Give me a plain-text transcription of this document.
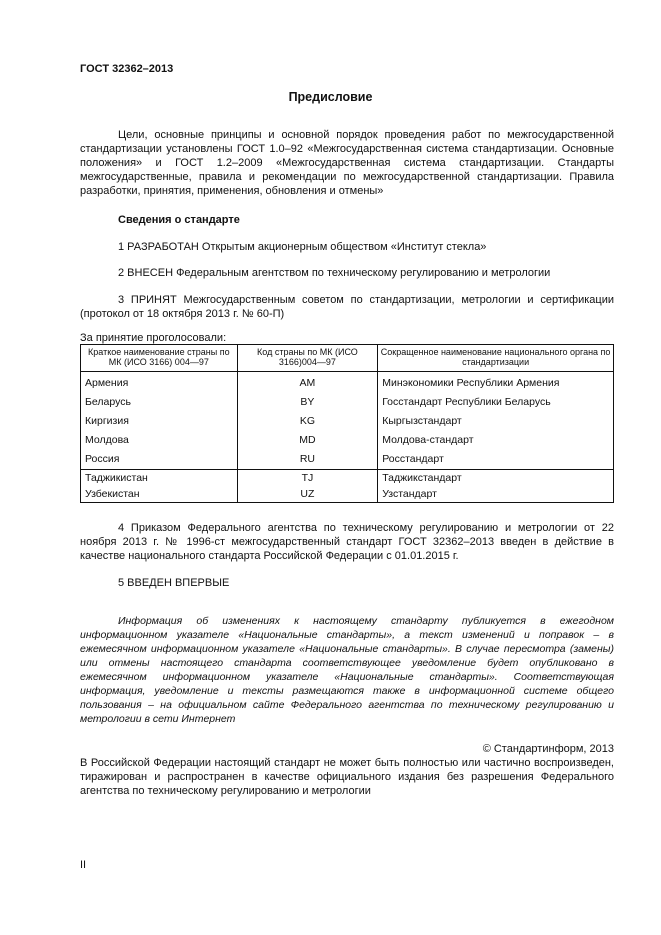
ГОСТ 32362–2013
Предисловие
Цели, основные принципы и основной порядок проведения работ по межгосударственной стандартизации установлены ГОСТ 1.0–92 «Межгосударственная система стандартизации. Основные положения» и ГОСТ 1.2–2009 «Межгосударственная система стандартизации. Стандарты межгосударственные, правила и рекомендации по межгосударственной стандартизации. Правила разработки, принятия, применения, обновления и отмены»
Сведения о стандарте
1 РАЗРАБОТАН Открытым акционерным обществом «Институт стекла»
2 ВНЕСЕН Федеральным агентством по техническому регулированию и метрологии
3 ПРИНЯТ Межгосударственным советом по стандартизации, метрологии и сертификации (протокол от 18 октября 2013 г. № 60-П)
За принятие проголосовали:
Краткое наименование страны по МК (ИСО 3166) 004—97	Код страны по МК (ИСО 3166)004—97	Сокращенное наименование национального органа по стандартизации
Армения	AM	Минэкономики Республики Армения
Беларусь	BY	Госстандарт Республики Беларусь
Киргизия	KG	Кыргызстандарт
Молдова	MD	Молдова-стандарт
Россия	RU	Росстандарт
Таджикистан	TJ	Таджикстандарт
Узбекистан	UZ	Узстандарт
4 Приказом Федерального агентства по техническому регулированию и метрологии от 22 ноября 2013 г. № 1996-ст межгосударственный стандарт ГОСТ 32362–2013 введен в действие в качестве национального стандарта Российской Федерации с 01.01.2015 г.
5 ВВЕДЕН ВПЕРВЫЕ
Информация об изменениях к настоящему стандарту публикуется в ежегодном информационном указателе «Национальные стандарты», а текст изменений и поправок – в ежемесячном информационном указателе «Национальные стандарты». В случае пересмотра (замены) или отмены настоящего стандарта соответствующее уведомление будет опубликовано в ежемесячном информационном указателе «Национальные стандарты». Соответствующая информация, уведомление и тексты размещаются также в информационной системе общего пользования – на официальном сайте Федерального агентства по техническому регулированию и метрологии в сети Интернет
© Стандартинформ, 2013
В Российской Федерации настоящий стандарт не может быть полностью или частично воспроизведен, тиражирован и распространен в качестве официального издания без разрешения Федерального агентства по техническому регулированию и метрологии
II
